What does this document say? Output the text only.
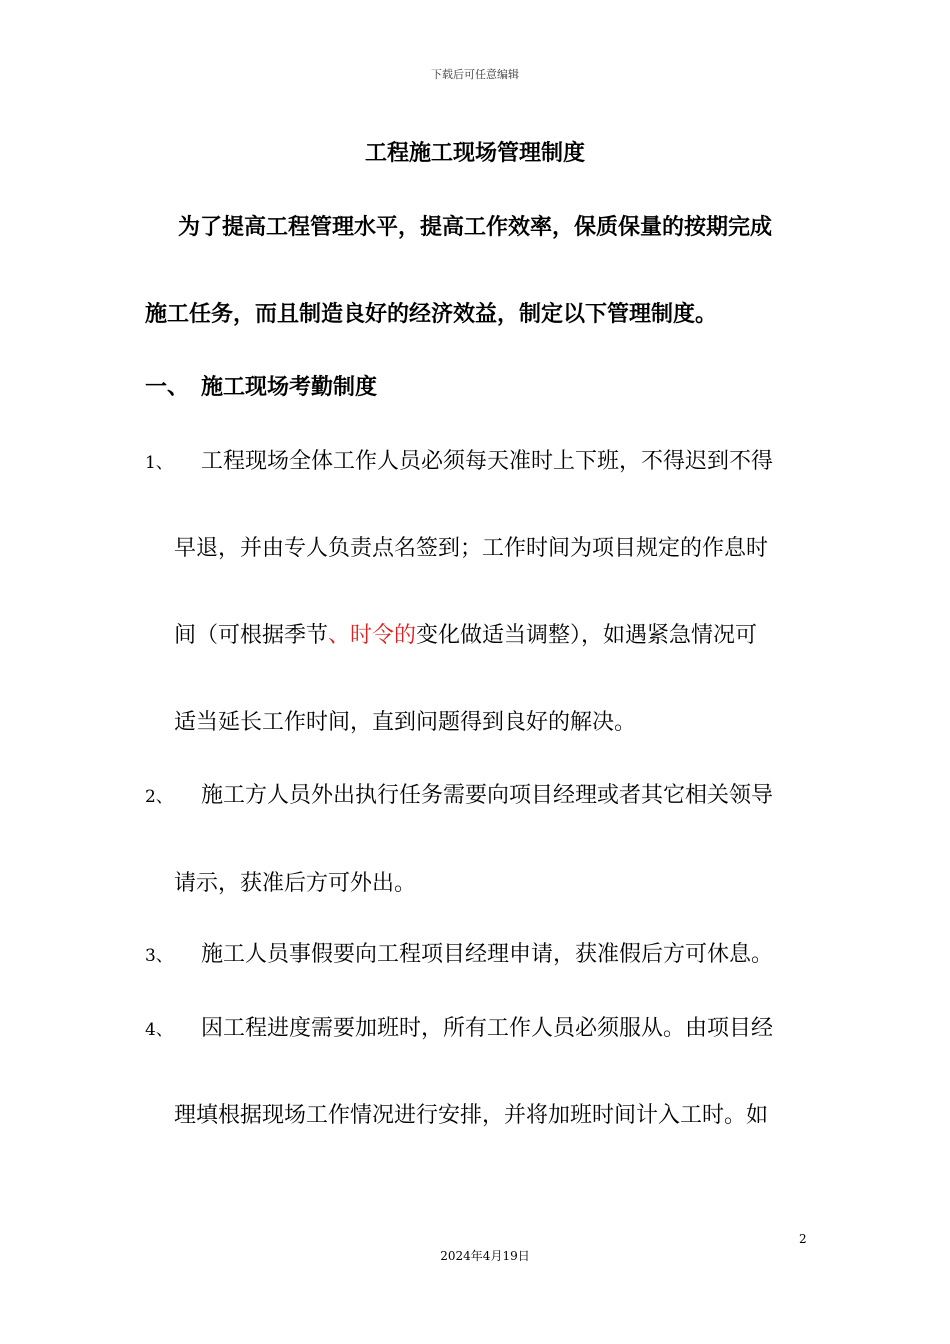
下载后可任意编辑
工程施工现场管理制度
为了提高工程管理水平，提高工作效率，保质保量的按期完成
施工任务，而且制造良好的经济效益，制定以下管理制度。
一、 施工现场考勤制度
1、 工程现场全体工作人员必须每天准时上下班，不得迟到不得
早退，并由专人负责点名签到；工作时间为项目规定的作息时
间（可根据季节、时令的变化做适当调整），如遇紧急情况可
适当延长工作时间，直到问题得到良好的解决。
2、 施工方人员外出执行任务需要向项目经理或者其它相关领导
请示，获准后方可外出。
3、 施工人员事假要向工程项目经理申请，获准假后方可休息。
4、 因工程进度需要加班时，所有工作人员必须服从。由项目经
理填根据现场工作情况进行安排，并将加班时间计入工时。如
2
2024年4月19日
